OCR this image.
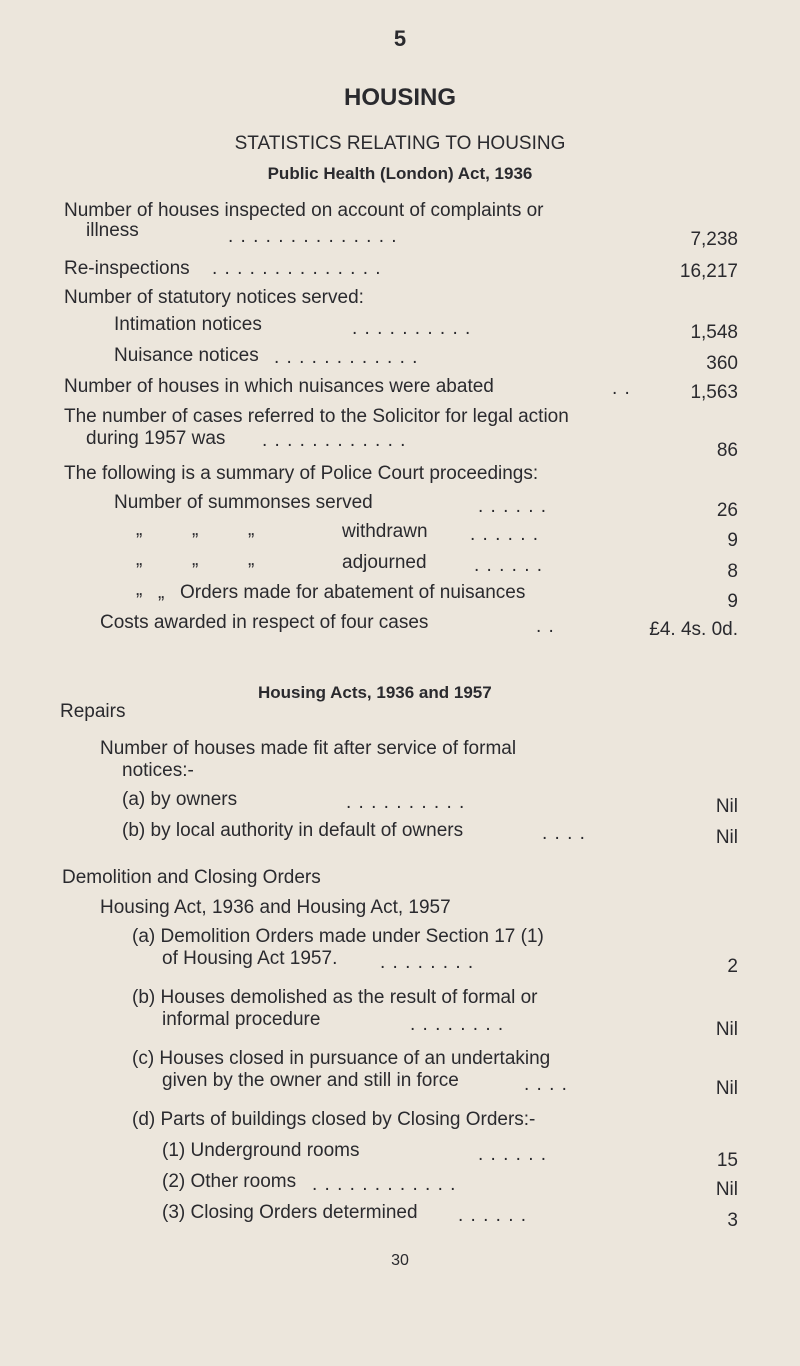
5
HOUSING
STATISTICS RELATING TO HOUSING
Public Health (London) Act, 1936
Number of houses inspected on account of complaints or
illness	. . . . . . . . . . . . . .	7,238
Re-inspections . . . . . . . . . . . . . .	16,217
Number of statutory notices served:
Intimation notices	. . . . . . . . . .	1,548
Nuisance notices . . . . . . . . . . . .	360
Number of houses in which nuisances were abated	. .	1,563
The number of cases referred to the Solicitor for legal action
during 1957 was . . . . . . . . . . . .	86
The following is a summary of Police Court proceedings:
Number of summonses served	. . . . . .	26
„	„	„	withdrawn . . . . . .	9
„	„	„	adjourned . . . . . .	8
„ „ Orders made for abatement of nuisances	9
Costs awarded in respect of four cases	. .	£4. 4s. 0d.
Housing Acts, 1936 and 1957
Repairs
Number of houses made fit after service of formal
notices:-
(a) by owners	. . . . . . . . . .	Nil
(b) by local authority in default of owners	. . . .	Nil
Demolition and Closing Orders
Housing Act, 1936 and Housing Act, 1957
(a) Demolition Orders made under Section 17 (1)
of Housing Act 1957. . . . . . . . .	2
(b) Houses demolished as the result of formal or
informal procedure	. . . . . . . .	Nil
(c) Houses closed in pursuance of an undertaking
given by the owner and still in force	. . . .	Nil
(d) Parts of buildings closed by Closing Orders:-
(1) Underground rooms	. . . . . .	15
(2) Other rooms . . . . . . . . . . . .	Nil
(3) Closing Orders determined . . . . . .	3
30
